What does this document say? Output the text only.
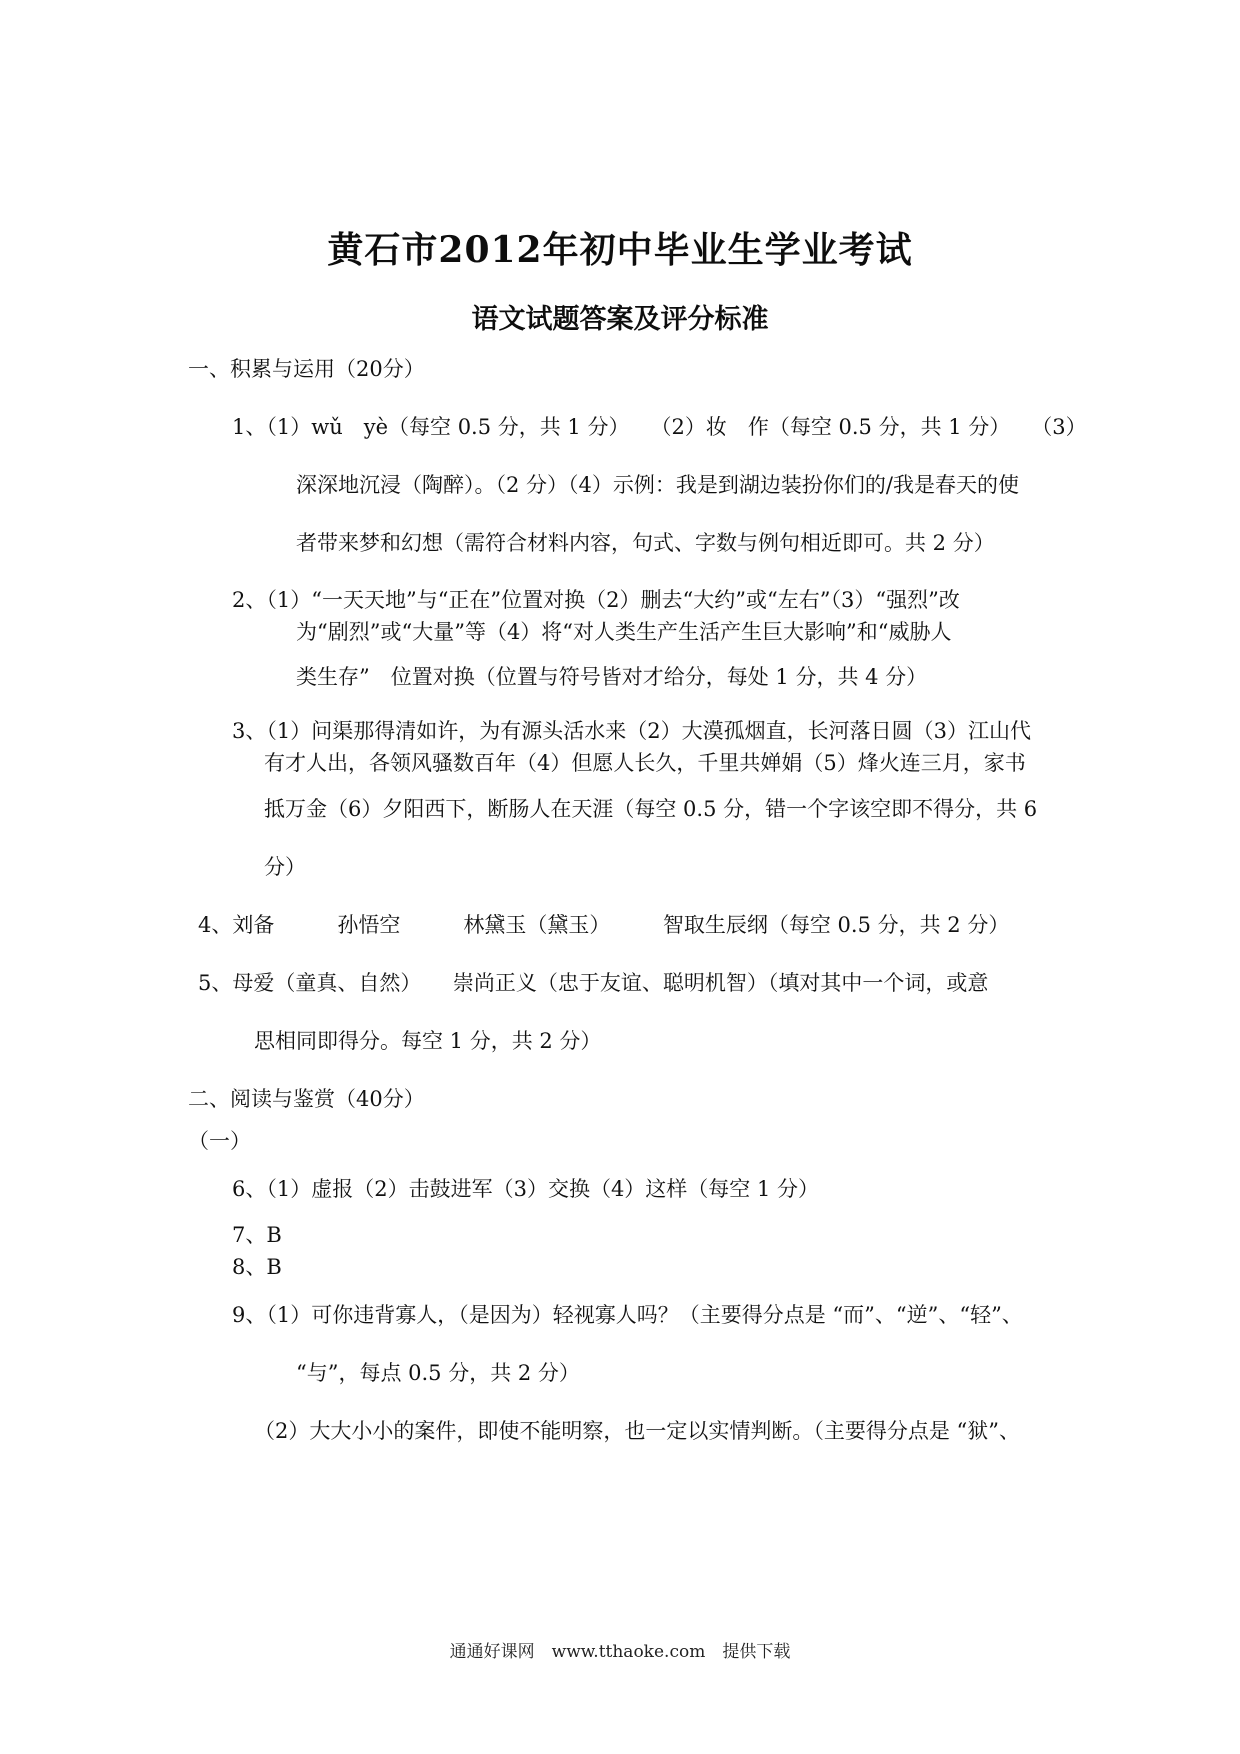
黄石市2012年初中毕业生学业考试
语文试题答案及评分标准
一、积累与运用（20分）
1、（1）wǔ　yè（每空 0.5 分，共 1 分）　　（2）妆　作（每空 0.5 分，共 1 分）　　（3）
深深地沉浸（陶醉）。（2 分）（4）示例：我是到湖边装扮你们的/我是春天的使
者带来梦和幻想（需符合材料内容，句式、字数与例句相近即可。共 2 分）
2、（1）“一天天地”与“正在”位置对换（2）删去“大约”或“左右”（3）“强烈”改
为“剧烈”或“大量”等（4）将“对人类生产生活产生巨大影响”和“威胁人
类生存”　位置对换（位置与符号皆对才给分，每处 1 分，共 4 分）
3、（1）问渠那得清如许，为有源头活水来（2）大漠孤烟直，长河落日圆（3）江山代
有才人出，各领风骚数百年（4）但愿人长久，千里共婵娟（5）烽火连三月，家书
抵万金（6）夕阳西下，断肠人在天涯（每空 0.5 分，错一个字该空即不得分，共 6
分）
4、刘备　　　孙悟空　　　林黛玉（黛玉）　　　智取生辰纲（每空 0.5 分，共 2 分）
5、母爱（童真、自然）　　崇尚正义（忠于友谊、聪明机智）（填对其中一个词，或意
思相同即得分。每空 1 分，共 2 分）
二、阅读与鉴赏（40分）
（一）
6、（1）虚报（2）击鼓进军（3）交换（4）这样（每空 1 分）
7、B
8、B
9、（1）可你违背寡人，（是因为）轻视寡人吗？（主要得分点是 “而”、“逆”、“轻”、
“与”，每点 0.5 分，共 2 分）
（2）大大小小的案件，即使不能明察，也一定以实情判断。（主要得分点是 “狱”、
通通好课网　www.tthaoke.com　提供下载
